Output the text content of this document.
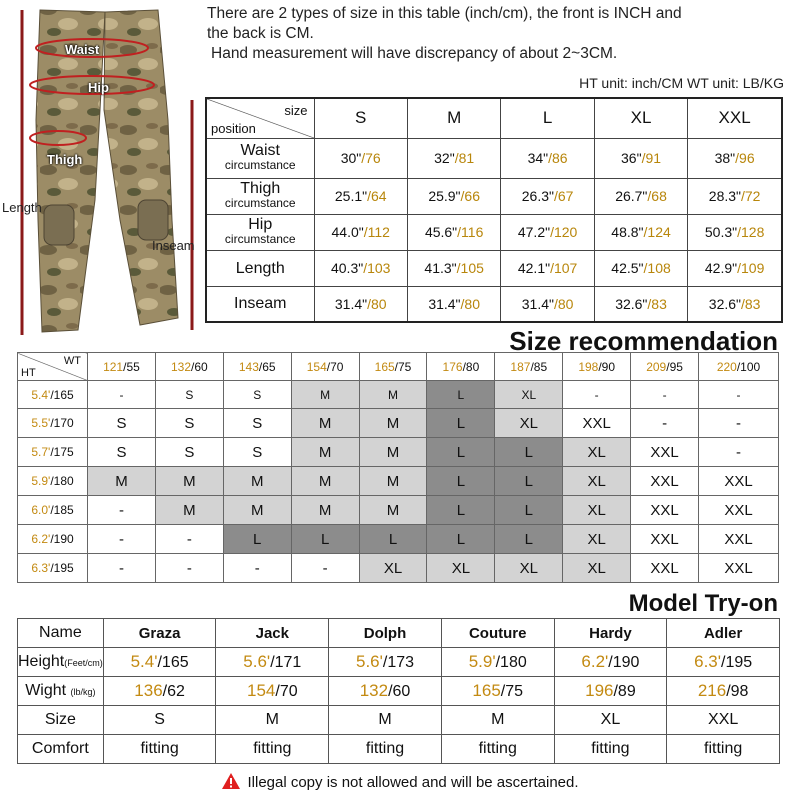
Waist
Hip
Thigh
Length
Inseam
There are 2 types of size in this table (inch/cm), the front is INCH and
the back is CM.
Hand measurement will have discrepancy of about 2~3CM.
HT unit: inch/CM WT unit: LB/KG
size
position	S	M	L	XL	XXL
Waist
circumstance	30"/76	32"/81	34"/86	36"/91	38"/96
Thigh
circumstance	25.1"/64	25.9"/66	26.3"/67	26.7"/68	28.3"/72
Hip
circumstance	44.0"/112	45.6"/116	47.2"/120	48.8"/124	50.3"/128
Length	40.3"/103	41.3"/105	42.1"/107	42.5"/108	42.9"/109
Inseam	31.4"/80	31.4"/80	31.4"/80	32.6"/83	32.6"/83
Size recommendation
WT
HT	121/55	132/60	143/65	154/70	165/75	176/80	187/85	198/90	209/95	220/100
5.4'/165	-	S	S	M	M	L	XL	-	-	-
5.5'/170	S	S	S	M	M	L	XL	XXL	-	-
5.7'/175	S	S	S	M	M	L	L	XL	XXL	-
5.9'/180	M	M	M	M	M	L	L	XL	XXL	XXL
6.0'/185	-	M	M	M	M	L	L	XL	XXL	XXL
6.2'/190	-	-	L	L	L	L	L	XL	XXL	XXL
6.3'/195	-	-	-	-	XL	XL	XL	XL	XXL	XXL
Model Try-on
Name	Graza	Jack	Dolph	Couture	Hardy	Adler
Height(Feet/cm)	5.4'/165	5.6'/171	5.6'/173	5.9'/180	6.2'/190	6.3'/195
Wight (lb/kg)	136/62	154/70	132/60	165/75	196/89	216/98
Size	S	M	M	M	XL	XXL
Comfort	fitting	fitting	fitting	fitting	fitting	fitting
Illegal copy is not allowed and will be ascertained.
